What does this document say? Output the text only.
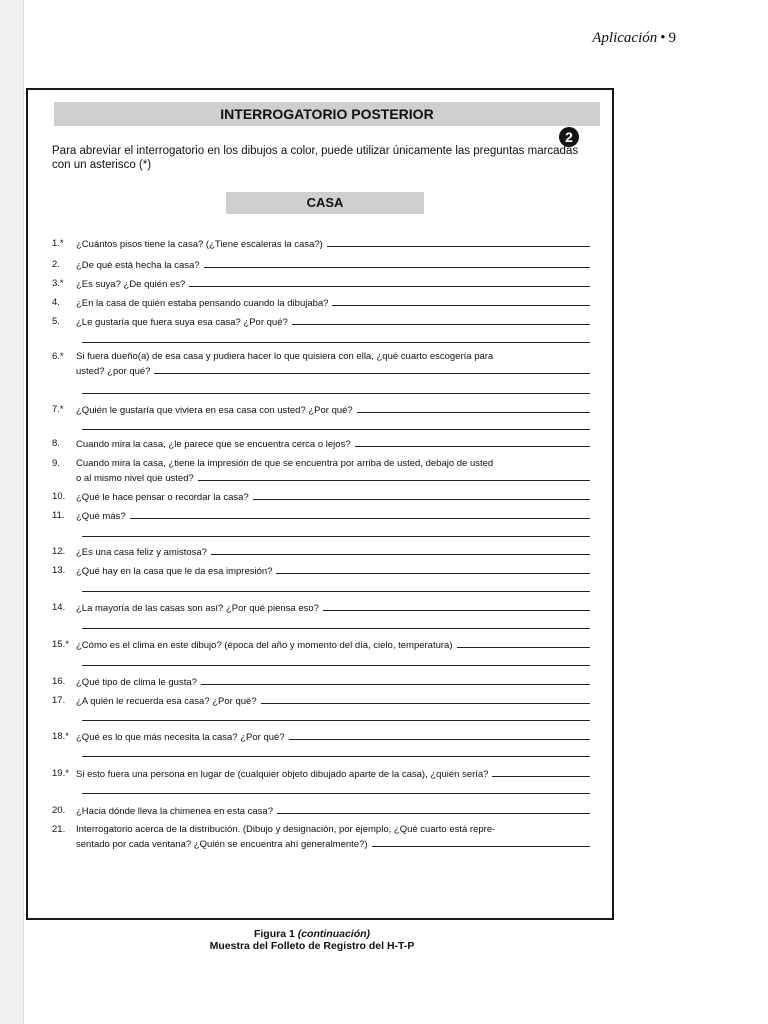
Aplicación • 9
INTERROGATORIO POSTERIOR
2
Para abreviar el interrogatorio en los dibujos a color, puede utilizar únicamente las preguntas marcadas con un asterisco (*)
CASA
1.*	¿Cuántos pisos tiene la casa? (¿Tiene escaleras la casa?)
2.	¿De qué está hecha la casa?
3.*	¿Es suya? ¿De quién es?
4.	¿En la casa de quién estaba pensando cuando la dibujaba?
5.	¿Le gustaría que fuera suya esa casa? ¿Por qué?
6.*	Si fuera dueño(a) de esa casa y pudiera hacer lo que quisiera con ella, ¿qué cuarto escogería para
usted? ¿por qué?
7.*	¿Quién le gustaría que viviera en esa casa con usted? ¿Por qué?
8.	Cuando mira la casa, ¿le parece que se encuentra cerca o lejos?
9.	Cuando mira la casa, ¿tiene la impresión de que se encuentra por arriba de usted, debajo de usted
o al mismo nivel que usted?
10.	¿Qué le hace pensar o recordar la casa?
11.	¿Qué más?
12.	¿Es una casa feliz y amistosa?
13.	¿Qué hay en la casa que le da esa impresión?
14.	¿La mayoría de las casas son así? ¿Por qué piensa eso?
15.* ¿Cómo es el clima en este dibujo? (época del año y momento del día, cielo, temperatura)
16.	¿Qué tipo de clima le gusta?
17.	¿A quién le recuerda esa casa? ¿Por qué?
18.* ¿Qué es lo que más necesita la casa? ¿Por qué?
19.* Si esto fuera una persona en lugar de (cualquier objeto dibujado aparte de la casa), ¿quién sería?
20.	¿Hacia dónde lleva la chimenea en esta casa?
21.	Interrogatorio acerca de la distribución. (Dibujo y designación, por ejemplo, ¿Qué cuarto está repre-
sentado por cada ventana? ¿Quién se encuentra ahí generalmente?)
Figura 1 (continuación)
Muestra del Folleto de Registro del H-T-P
